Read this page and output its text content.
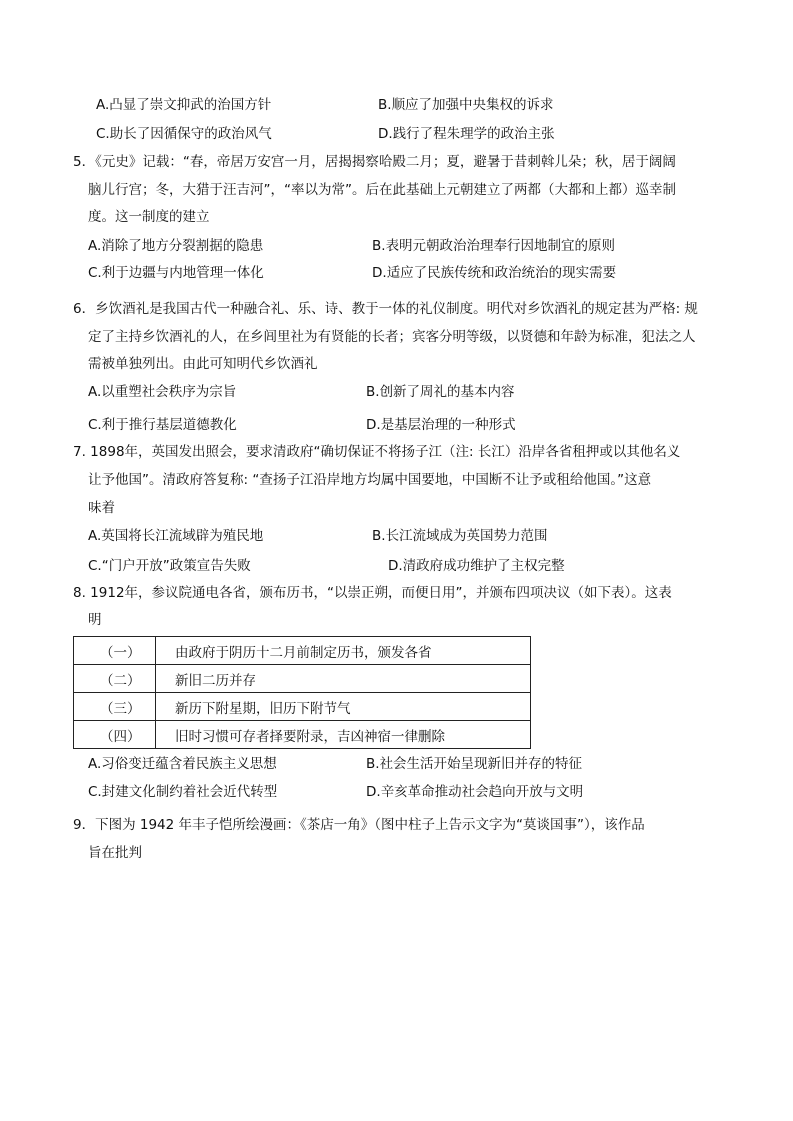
A.凸显了崇文抑武的治国方针	B.顺应了加强中央集权的诉求
C.助长了因循保守的政治风气	D.践行了程朱理学的政治主张
5．《元史》记载：“春，帝居万安宫一月，居揭揭察哈殿二月；夏，避暑于昔刺斡儿朵；秋，居于阔阔
脑儿行宫；冬，大猎于汪吉河”，“率以为常”。后在此基础上元朝建立了两都（大都和上都）巡幸制
度。这一制度的建立
A.消除了地方分裂割据的隐患	B.表明元朝政治治理奉行因地制宜的原则
C.利于边疆与内地管理一体化	D.适应了民族传统和政治统治的现实需要
6．乡饮酒礼是我国古代一种融合礼、乐、诗、教于一体的礼仪制度。明代对乡饮酒礼的规定甚为严格: 规
定了主持乡饮酒礼的人，在乡闾里社为有贤能的长者；宾客分明等级，以贤德和年龄为标准，犯法之人
需被单独列出。由此可知明代乡饮酒礼
A.以重塑社会秩序为宗旨	B.创新了周礼的基本内容
C.利于推行基层道德教化	D.是基层治理的一种形式
7. 1898年，英国发出照会，要求清政府“确切保证不将扬子江（注: 长江）沿岸各省租押或以其他名义
让予他国”。清政府答复称: “查扬子江沿岸地方均属中国要地，中国断不让予或租给他国。”这意
味着
A.英国将长江流域辟为殖民地	B.长江流域成为英国势力范围
C.“门户开放”政策宣告失败	D.清政府成功维护了主权完整
8. 1912年，参议院通电各省，颁布历书，“以崇正朔，而便日用”，并颁布四项决议（如下表）。这表
明
（一）	由政府于阴历十二月前制定历书，颁发各省
（二）	新旧二历并存
（三）	新历下附星期，旧历下附节气
（四）	旧时习惯可存者择要附录，吉凶神宿一律删除
A.习俗变迁蕴含着民族主义思想	B.社会生活开始呈现新旧并存的特征
C.封建文化制约着社会近代转型	D.辛亥革命推动社会趋向开放与文明
9．下图为 1942 年丰子恺所绘漫画：《茶店一角》（图中柱子上告示文字为“莫谈国事”），该作品
旨在批判
